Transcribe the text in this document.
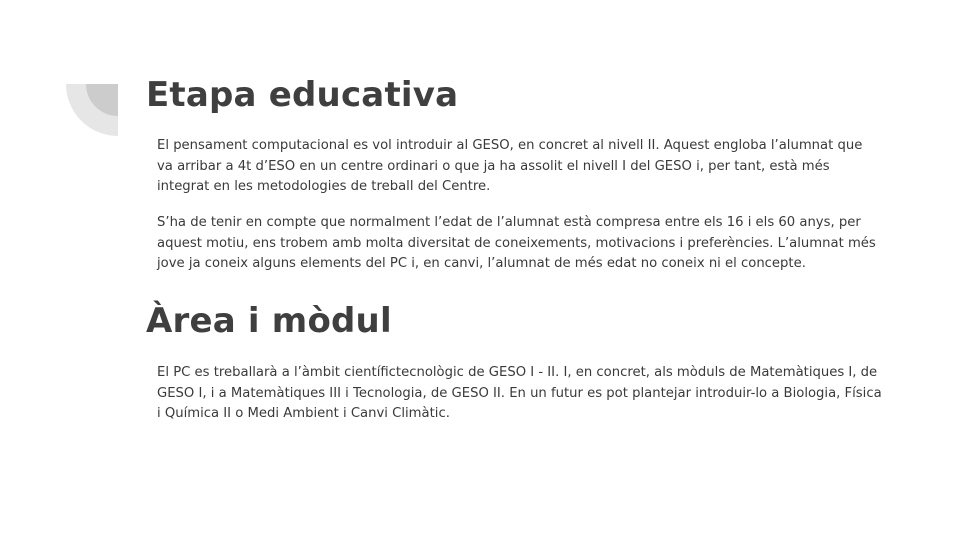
Etapa educativa

El pensament computacional es vol introduir al GESO, en concret al nivell II. Aquest engloba l’alumnat que va arribar a 4t d’ESO en un centre ordinari o que ja ha assolit el nivell I del GESO i, per tant, està més integrat en les metodologies de treball del Centre.

S’ha de tenir en compte que normalment l’edat de l’alumnat està compresa entre els 16 i els 60 anys, per aquest motiu, ens trobem amb molta diversitat de coneixements, motivacions i preferències. L’alumnat més jove ja coneix alguns elements del PC i, en canvi, l’alumnat de més edat no coneix ni el concepte.

Àrea i mòdul

El PC es treballarà a l’àmbit científictecnològic de GESO I - II. I, en concret, als mòduls de Matemàtiques I, de GESO I, i a Matemàtiques III i Tecnologia, de GESO II. En un futur es pot plantejar introduir-lo a Biologia, Física i Química II o Medi Ambient i Canvi Climàtic.
